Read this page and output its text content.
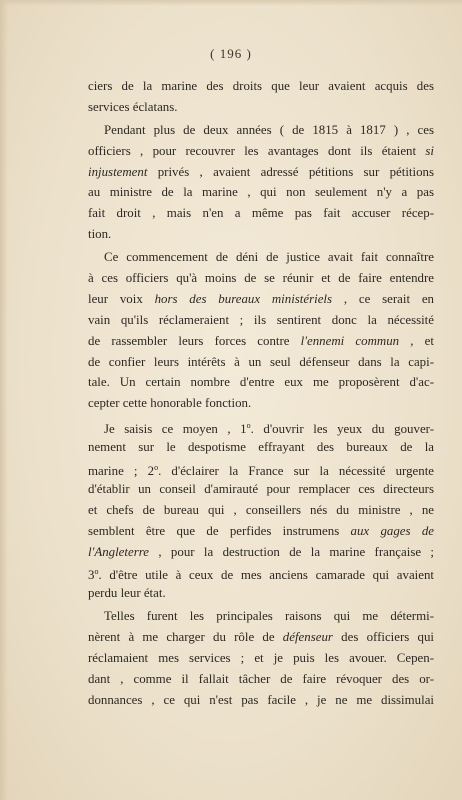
( 196 )
ciers de la marine des droits que leur avaient acquis des
services éclatans.
Pendant plus de deux années ( de 1815 à 1817 ) , ces
officiers , pour recouvrer les avantages dont ils étaient si
injustement privés , avaient adressé pétitions sur pétitions
au ministre de la marine , qui non seulement n'y a pas
fait droit , mais n'en a même pas fait accuser récep-
tion.
Ce commencement de déni de justice avait fait connaître
à ces officiers qu'à moins de se réunir et de faire entendre
leur voix hors des bureaux ministériels , ce serait en
vain qu'ils réclameraient ; ils sentirent donc la nécessité
de rassembler leurs forces contre l'ennemi commun , et
de confier leurs intérêts à un seul défenseur dans la capi-
tale. Un certain nombre d'entre eux me proposèrent d'ac-
cepter cette honorable fonction.
Je saisis ce moyen , 1$^o$. d'ouvrir les yeux du gouver-
nement sur le despotisme effrayant des bureaux de la
marine ; 2$^o$. d'éclairer la France sur la nécessité urgente
d'établir un conseil d'amirauté pour remplacer ces directeurs
et chefs de bureau qui , conseillers nés du ministre , ne
semblent être que de perfides instrumens aux gages de
l'Angleterre , pour la destruction de la marine française ;
3$^o$. d'être utile à ceux de mes anciens camarade qui avaient
perdu leur état.
Telles furent les principales raisons qui me détermi-
nèrent à me charger du rôle de défenseur des officiers qui
réclamaient mes services ; et je puis les avouer. Cepen-
dant , comme il fallait tâcher de faire révoquer des or-
donnances , ce qui n'est pas facile , je ne me dissimulai
